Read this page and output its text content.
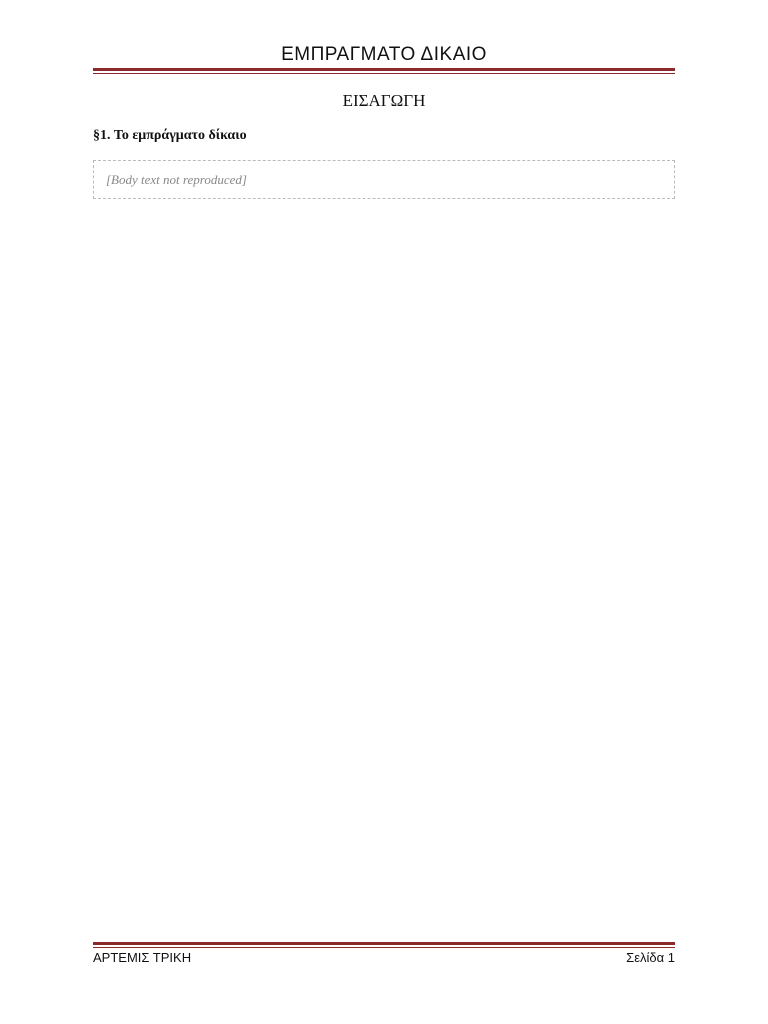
ΕΜΠΡΑΓΜΑΤΟ ΔΙΚΑΙΟ
ΕΙΣΑΓΩΓΗ
§1. Το εμπράγματο δίκαιο
[Body text not reproduced]
ΑΡΤΕΜΙΣ ΤΡΙΚΗ	Σελίδα 1
